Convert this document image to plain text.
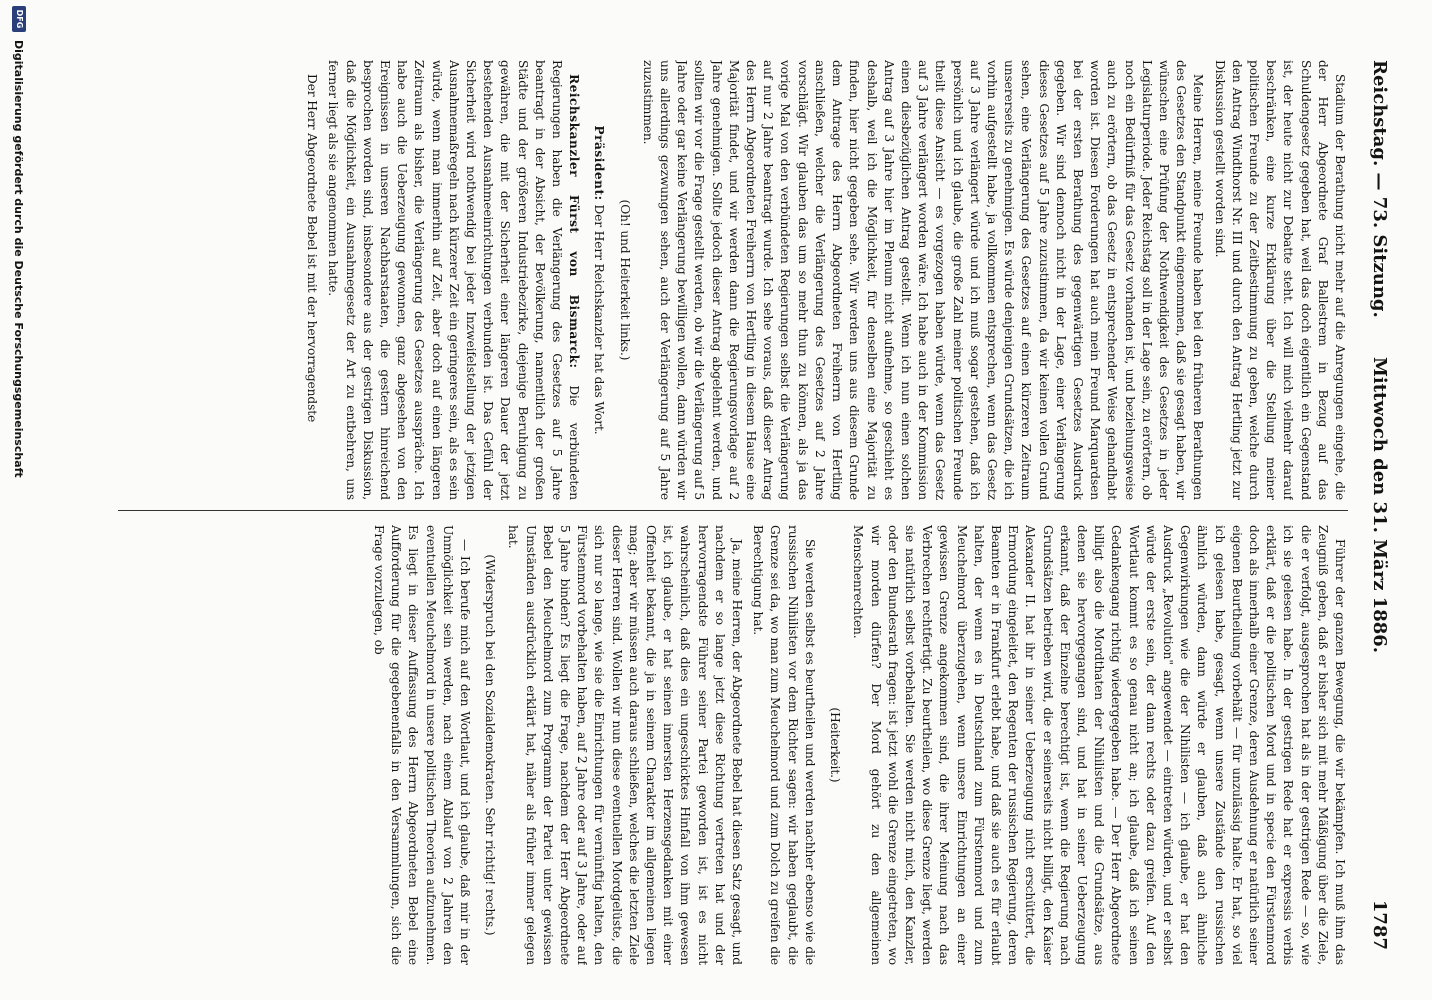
Reichstag. — 73. Sitzung.
Mittwoch den 31. März 1886.
1787

Stadium der Berathung nicht mehr auf die Anregungen eingehe, die der Herr Abgeordnete Graf Ballestrem in Bezug auf das Schuldengesetz gegeben hat, weil das doch eigentlich ein Gegenstand ist, der heute nicht zur Debatte steht. Ich will mich vielmehr darauf beschränken, eine kurze Erklärung über die Stellung meiner politischen Freunde zu der Zeitbestimmung zu geben, welche durch den Antrag Windthorst Nr. III und durch den Antrag Hertling jetzt zur Diskussion gestellt worden sind.

Meine Herren, meine Freunde haben bei den früheren Berathungen des Gesetzes den Standpunkt eingenommen, daß sie gesagt haben, wir wünschen eine Prüfung der Nothwendigkeit des Gesetzes in jeder Legislaturperiode. Jeder Reichstag soll in der Lage sein, zu erörtern, ob noch ein Bedürfniß für das Gesetz vorhanden ist, und beziehungsweise auch zu erörtern, ob das Gesetz in entsprechender Weise gehandhabt worden ist. Diesen Forderungen hat auch mein Freund Marquardsen bei der ersten Berathung des gegenwärtigen Gesetzes Ausdruck gegeben. Wir sind dennoch nicht in der Lage, einer Verlängerung dieses Gesetzes auf 5 Jahre zuzustimmen, da wir keinen vollen Grund sehen, eine Verlängerung des Gesetzes auf einen kürzeren Zeitraum unsererseits zu genehmigen. Es würde denjenigen Grundsätzen, die ich vorhin aufgestellt habe, ja vollkommen entsprechen, wenn das Gesetz auf 3 Jahre verlängert würde und ich muß sogar gestehen, daß ich persönlich und ich glaube, die große Zahl meiner politischen Freunde theilt diese Ansicht — es vorgezogen haben würde, wenn das Gesetz auf 3 Jahre verlängert worden wäre. Ich habe auch in der Kommission einen diesbezüglichen Antrag gestellt. Wenn ich nun einen solchen Antrag auf 3 Jahre hier im Plenum nicht aufnehme, so geschieht es deshalb, weil ich die Möglichkeit, für denselben eine Majorität zu finden, hier nicht gegeben sehe. Wir werden uns aus diesem Grunde dem Antrage des Herrn Abgeordneten Freiherrn von Hertling anschließen, welcher die Verlängerung des Gesetzes auf 2 Jahre vorschlägt. Wir glauben das um so mehr thun zu können, als ja das vorige Mal von den verbündeten Regierungen selbst die Verlängerung auf nur 2 Jahre beantragt wurde. Ich sehe voraus, daß dieser Antrag des Herrn Abgeordneten Freiherrn von Hertling in diesem Hause eine Majorität findet, und wir werden dann die Regierungsvorlage auf 2 Jahre genehmigen. Sollte jedoch dieser Antrag abgelehnt werden, und sollten wir vor die Frage gestellt werden, ob wir die Verlängerung auf 5 Jahre oder gar keine Verlängerung bewilligen wollen, dann würden wir uns allerdings gezwungen sehen, auch der Verlängerung auf 5 Jahre zuzustimmen.

(Oh! und Heiterkeit links.)

Präsident: Der Herr Reichskanzler hat das Wort.

Reichskanzler Fürst von Bismarck: Die verbündeten Regierungen haben die Verlängerung des Gesetzes auf 5 Jahre beantragt in der Absicht, der Bevölkerung, namentlich der großen Städte und der größeren Industriebezirke, diejenige Beruhigung zu gewähren, die mit der Sicherheit einer längeren Dauer der jetzt bestehenden Ausnahmeeinrichtungen verbunden ist. Das Gefühl der Sicherheit wird nothwendig bei jeder Inzweifelstellung der jetzigen Ausnahmemaßregeln nach kürzerer Zeit ein geringeres sein, als es sein würde, wenn man immerhin auf Zeit, aber doch auf einen längeren Zeitraum als bisher, die Verlängerung des Gesetzes ausspräche. Ich habe auch die Ueberzeugung gewonnen, ganz abgesehen von den Ereignissen in unseren Nachbarstaaten, die gestern hinreichend besprochen worden sind, insbesondere aus der gestrigen Diskussion, daß die Möglichkeit, ein Ausnahmegesetz der Art zu entbehren, uns ferner liegt als sie angenommen hatte.

Der Herr Abgeordnete Bebel ist mit der hervorragendste

Führer der ganzen Bewegung, die wir bekämpfen. Ich muß ihm das Zeugniß geben, daß er bisher sich mit mehr Mäßigung über die Ziele, die er verfolgt, ausgesprochen hat als in der gestrigen Rede — so, wie ich sie gelesen habe. In der gestrigen Rede hat er expressis verbis erklärt, daß er die politischen Mord und in specie den Fürstenmord doch als innerhalb einer Grenze, deren Ausdehnung er natürlich seiner eigenen Beurtheilung vorbehält — für unzulässig halte. Er hat, so viel ich gelesen habe, gesagt, wenn unsere Zustände den russischen ähnlich würden, dann würde er glauben, daß auch ähnliche Gegenwirkungen wie die der Nihilisten — ich glaube, er hat den Ausdruck „Revolution" angewendet — eintreten würden, und er selbst würde der erste sein, der dann rechts oder dazu greifen. Auf den Wortlaut kommt es so genau nicht an; ich glaube, daß ich seinen Gedankengang richtig wiedergegeben habe. — Der Herr Abgeordnete billigt also die Mordthaten der Nihilisten und die Grundsätze, aus denen sie hervorgegangen sind, und hat in seiner Ueberzeugung erkannt, daß der Einzelne berechtigt ist, wenn die Regierung nach Grundsätzen betrieben wird, die er seinerseits nicht billigt, den Kaiser Alexander II. hat ihr in seiner Ueberzeugung nicht erschüttert, die Ermordung eingeleitet, den Regenten der russischen Regierung, deren Beamten er in Frankfurt erlebt habe, und daß sie auch es für erlaubt halten, der wenn es in Deutschland zum Fürstenmord und zum Meuchelmord überzugehen, wenn unsere Einrichtungen an einer gewissen Grenze angekommen sind, die ihrer Meinung nach das Verbrechen rechtfertigt. Zu beurtheilen, wo diese Grenze liegt, werden sie natürlich selbst vorbehalten. Sie werden nicht mich, den Kanzler, oder den Bundesrath fragen: ist jetzt wohl die Grenze eingetreten, wo wir morden dürfen? Der Mord gehört zu den allgemeinen Menschenrechten.

(Heiterkeit.)

Sie werden selbst es beurtheilen und werden nachher ebenso wie die russischen Nihilisten vor dem Richter sagen: wir haben geglaubt, die Grenze sei da, wo man zum Meuchelmord und zum Dolch zu greifen die Berechtigung hat.

Ja, meine Herren, der Abgeordnete Bebel hat diesen Satz gesagt, und nachdem er so lange jetzt diese Richtung vertreten hat und der hervorragendste Führer seiner Partei geworden ist, ist es nicht wahrscheinlich, daß dies ein ungeschicktes Hinfall von ihm gewesen ist, ich glaube, er hat seinen innersten Herzensgedanken mit einer Offenheit bekannt, die ja in seinem Charakter im allgemeinen liegen mag; aber wir müssen auch daraus schließen, welches die letzten Ziele dieser Herren sind. Wollen wir nun diese eventuellen Mordgelüste, die sich nur so lange, wie sie die Einrichtungen für vernünftig halten, den Fürstenmord vorbehalten haben, auf 2 Jahre oder auf 3 Jahre, oder auf 5 Jahre binden? Es liegt die Frage, nachdem der Herr Abgeordnete Bebel den Meuchelmord zum Programm der Partei unter gewissen Umständen ausdrücklich erklärt hat, näher als früher immer gelegen hat.

(Widerspruch bei den Sozialdemokraten. Sehr richtig! rechts.)

— Ich berufe mich auf den Wortlaut, und ich glaube, daß mir in der Unmöglichkeit sein werden, nach einem Ablauf von 2 Jahren den eventuellen Meuchelmord in unsere politischen Theorien aufzunehmen. Es liegt in dieser Auffassung des Herrn Abgeordneten Bebel eine Aufforderung für die gegebenenfalls in den Versammlungen, sich die Frage vorzulegen, ob

DFG
Digitalisierung gefördert durch die Deutsche Forschungsgemeinschaft
